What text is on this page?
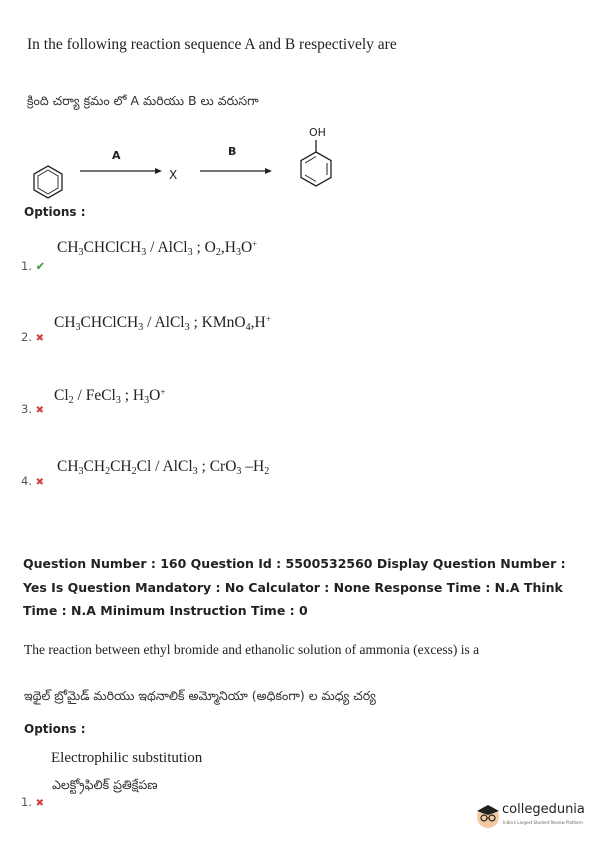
In the following reaction sequence A and B respectively are
క్రింది చర్యా క్రమం లో A మరియు B లు వరుసగా
A
X
B
OH
Options :
1. ✔
$CH_3CHClCH_3$ / AlCl$_3$ ; $O_2,H_3O^+$
2. ✖
$CH_3CHClCH_3$ / AlCl$_3$ ; KMnO$_4$,H+
3. ✖
$Cl_2$ / FeCl$_3$ ; $H_3O^+$
4. ✖
$CH_3CH_2CH_2Cl$ / AlCl$_3$ ; CrO$_3$ $-H_2$
Question Number : 160 Question Id : 5500532560 Display Question Number : Yes Is Question Mandatory : No Calculator : None Response Time : N.A Think Time : N.A Minimum Instruction Time : 0
The reaction between ethyl bromide and ethanolic solution of ammonia (excess) is a
ఇథైల్ బ్రోమైడ్ మరియు ఇథనాలిక్ అమ్మోనియా (అధికంగా) ల మధ్య చర్య
Options :
Electrophilic substitution
ఎలక్ట్రోఫిలిక్ ప్రతిక్షేపణ
1. ✖	collegedunia
India's Largest Student Review Platform
